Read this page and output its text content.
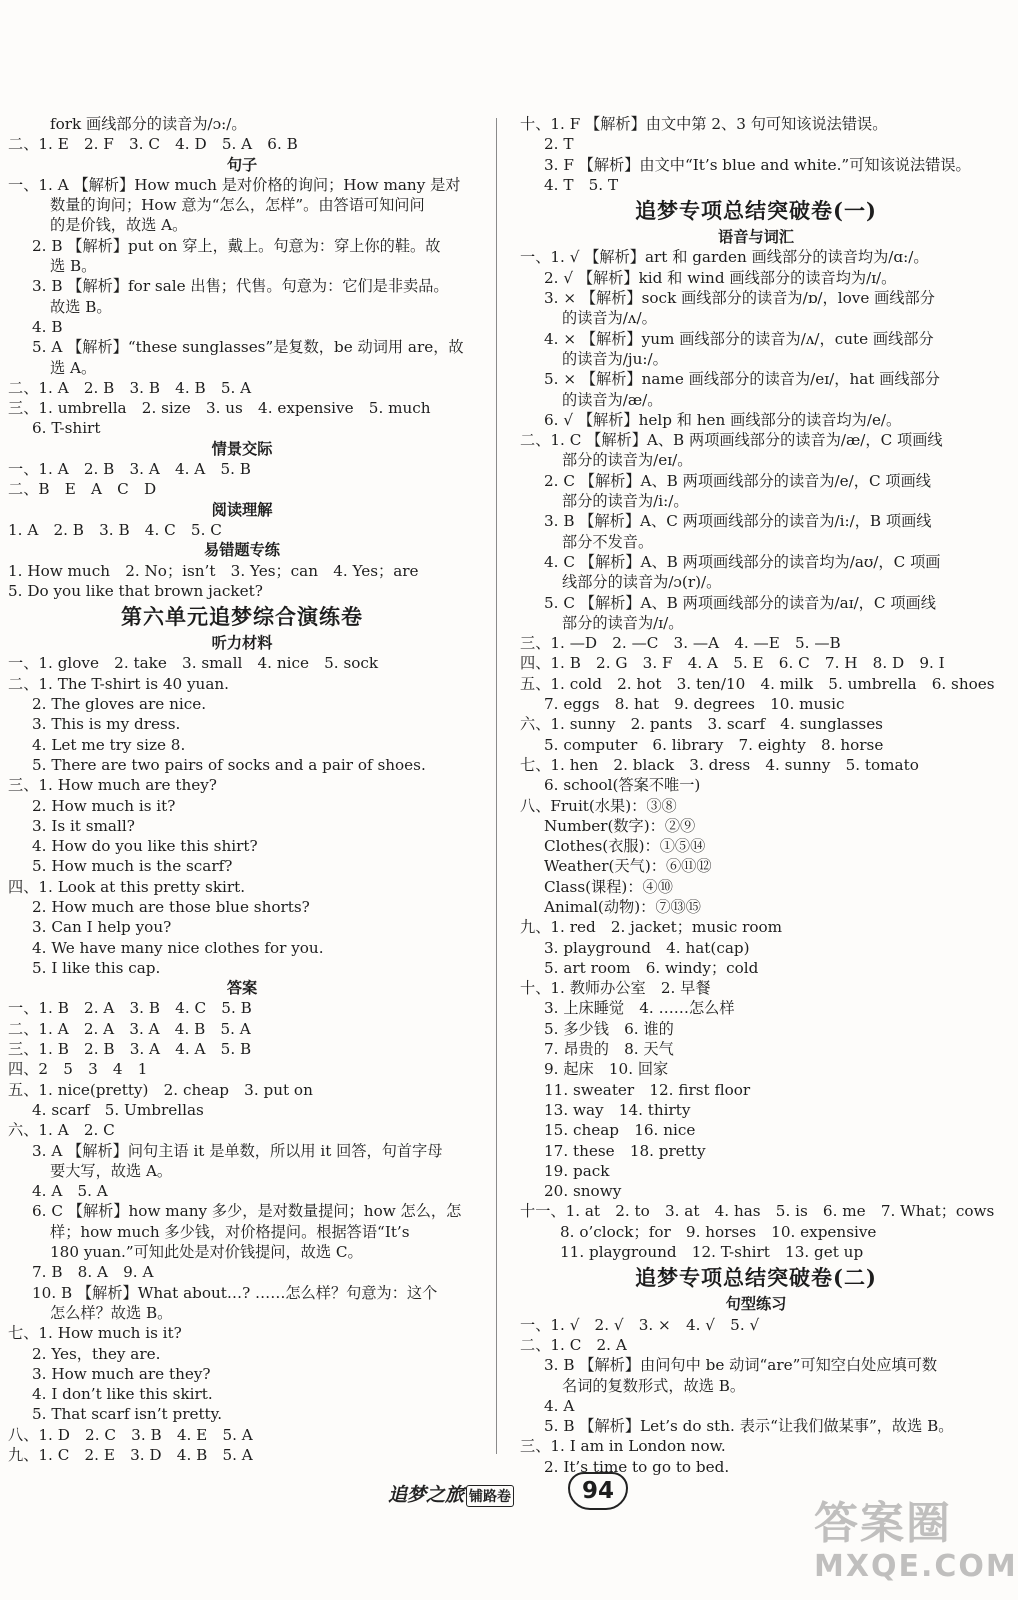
fork 画线部分的读音为/ɔ:/。
二、1. E　2. F　3. C　4. D　5. A　6. B
句子
一、1. A 【解析】How much 是对价格的询问；How many 是对
数量的询问；How 意为“怎么，怎样”。由答语可知问问
的是价钱，故选 A。
2. B 【解析】put on 穿上，戴上。句意为：穿上你的鞋。故
选 B。
3. B 【解析】for sale 出售；代售。句意为：它们是非卖品。
故选 B。
4. B
5. A 【解析】“these sunglasses”是复数，be 动词用 are，故
选 A。
二、1. A　2. B　3. B　4. B　5. A
三、1. umbrella　2. size　3. us　4. expensive　5. much
6. T-shirt
情景交际
一、1. A　2. B　3. A　4. A　5. B
二、B　E　A　C　D
阅读理解
1. A　2. B　3. B　4. C　5. C
易错题专练
1. How much　2. No；isn’t　3. Yes；can　4. Yes；are
5. Do you like that brown jacket?
第六单元追梦综合演练卷
听力材料
一、1. glove　2. take　3. small　4. nice　5. sock
二、1. The T-shirt is 40 yuan.
2. The gloves are nice.
3. This is my dress.
4. Let me try size 8.
5. There are two pairs of socks and a pair of shoes.
三、1. How much are they?
2. How much is it?
3. Is it small?
4. How do you like this shirt?
5. How much is the scarf?
四、1. Look at this pretty skirt.
2. How much are those blue shorts?
3. Can I help you?
4. We have many nice clothes for you.
5. I like this cap.
答案
一、1. B　2. A　3. B　4. C　5. B
二、1. A　2. A　3. A　4. B　5. A
三、1. B　2. B　3. A　4. A　5. B
四、2　5　3　4　1
五、1. nice(pretty)　2. cheap　3. put on
4. scarf　5. Umbrellas
六、1. A　2. C
3. A 【解析】问句主语 it 是单数，所以用 it 回答，句首字母
要大写，故选 A。
4. A　5. A
6. C 【解析】how many 多少，是对数量提问；how 怎么，怎
样；how much 多少钱，对价格提问。根据答语“It’s
180 yuan.”可知此处是对价钱提问，故选 C。
7. B　8. A　9. A
10. B 【解析】What about…? ……怎么样？句意为：这个
怎么样？故选 B。
七、1. How much is it?
2. Yes，they are.
3. How much are they?
4. I don’t like this skirt.
5. That scarf isn’t pretty.
八、1. D　2. C　3. B　4. E　5. A
九、1. C　2. E　3. D　4. B　5. A
十、1. F 【解析】由文中第 2、3 句可知该说法错误。
2. T
3. F 【解析】由文中“It’s blue and white.”可知该说法错误。
4. T　5. T
追梦专项总结突破卷(一)
语音与词汇
一、1. √ 【解析】art 和 garden 画线部分的读音均为/ɑ:/。
2. √ 【解析】kid 和 wind 画线部分的读音均为/ɪ/。
3. × 【解析】sock 画线部分的读音为/ɒ/，love 画线部分
的读音为/ʌ/。
4. × 【解析】yum 画线部分的读音为/ʌ/，cute 画线部分
的读音为/ju:/。
5. × 【解析】name 画线部分的读音为/eɪ/，hat 画线部分
的读音为/æ/。
6. √ 【解析】help 和 hen 画线部分的读音均为/e/。
二、1. C 【解析】A、B 两项画线部分的读音为/æ/，C 项画线
部分的读音为/eɪ/。
2. C 【解析】A、B 两项画线部分的读音为/e/，C 项画线
部分的读音为/i:/。
3. B 【解析】A、C 两项画线部分的读音为/i:/，B 项画线
部分不发音。
4. C 【解析】A、B 两项画线部分的读音均为/aʊ/，C 项画
线部分的读音为/ɔ(r)/。
5. C 【解析】A、B 两项画线部分的读音为/aɪ/，C 项画线
部分的读音为/ɪ/。
三、1. —D　2. —C　3. —A　4. —E　5. —B
四、1. B　2. G　3. F　4. A　5. E　6. C　7. H　8. D　9. I
五、1. cold　2. hot　3. ten/10　4. milk　5. umbrella　6. shoes
7. eggs　8. hat　9. degrees　10. music
六、1. sunny　2. pants　3. scarf　4. sunglasses
5. computer　6. library　7. eighty　8. horse
七、1. hen　2. black　3. dress　4. sunny　5. tomato
6. school(答案不唯一)
八、Fruit(水果)：③⑧
Number(数字)：②⑨
Clothes(衣服)：①⑤⑭
Weather(天气)：⑥⑪⑫
Class(课程)：④⑩
Animal(动物)：⑦⑬⑮
九、1. red　2. jacket；music room
3. playground　4. hat(cap)
5. art room　6. windy；cold
十、1. 教师办公室　2. 早餐
3. 上床睡觉　4. ……怎么样
5. 多少钱　6. 谁的
7. 昂贵的　8. 天气
9. 起床　10. 回家
11. sweater　12. first floor
13. way　14. thirty
15. cheap　16. nice
17. these　18. pretty
19. pack
20. snowy
十一、1. at　2. to　3. at　4. has　5. is　6. me　7. What；cows
8. o’clock；for　9. horses　10. expensive
11. playground　12. T-shirt　13. get up
追梦专项总结突破卷(二)
句型练习
一、1. √　2. √　3. ×　4. √　5. √
二、1. C　2. A
3. B 【解析】由问句中 be 动词“are”可知空白处应填可数
名词的复数形式，故选 B。
4. A
5. B 【解析】Let’s do sth. 表示“让我们做某事”，故选 B。
三、1. I am in London now.
2. It’s time to go to bed.
追梦之旅 铺路卷	94
答案圈
MXQE.COM
